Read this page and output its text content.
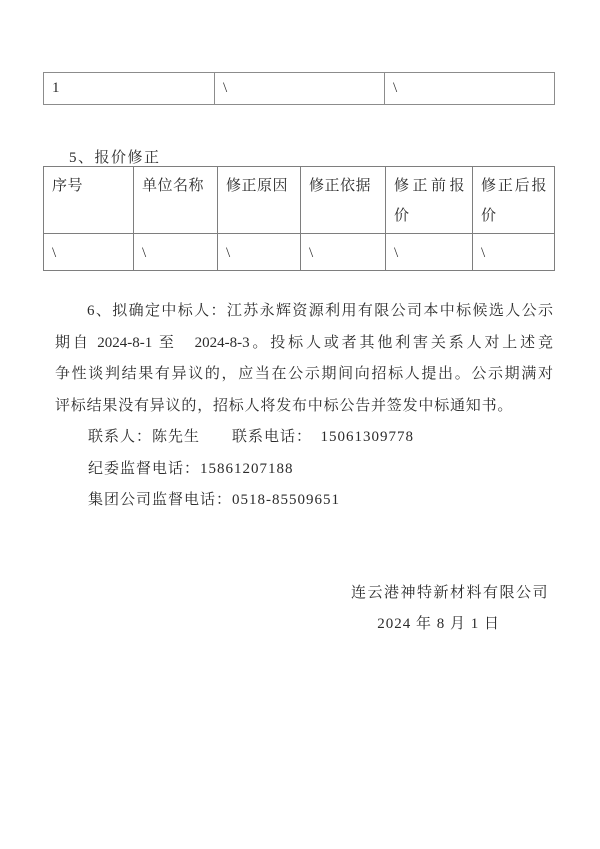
1	\	\
5、报价修正
序号	单位名称	修正原因	修正依据	修正前报价	修正后报价
\	\	\	\	\	\
6、拟确定中标人：江苏永辉资源利用有限公司本中标候选人公示
期自 2024-8-1 至　2024-8-3。投标人或者其他利害关系人对上述竞
争性谈判结果有异议的，应当在公示期间向招标人提出。公示期满对
评标结果没有异议的，招标人将发布中标公告并签发中标通知书。
联系人：陈先生　　联系电话：　15061309778
纪委监督电话：15861207188
集团公司监督电话：0518-85509651
连云港神特新材料有限公司
2024 年 8 月 1 日
